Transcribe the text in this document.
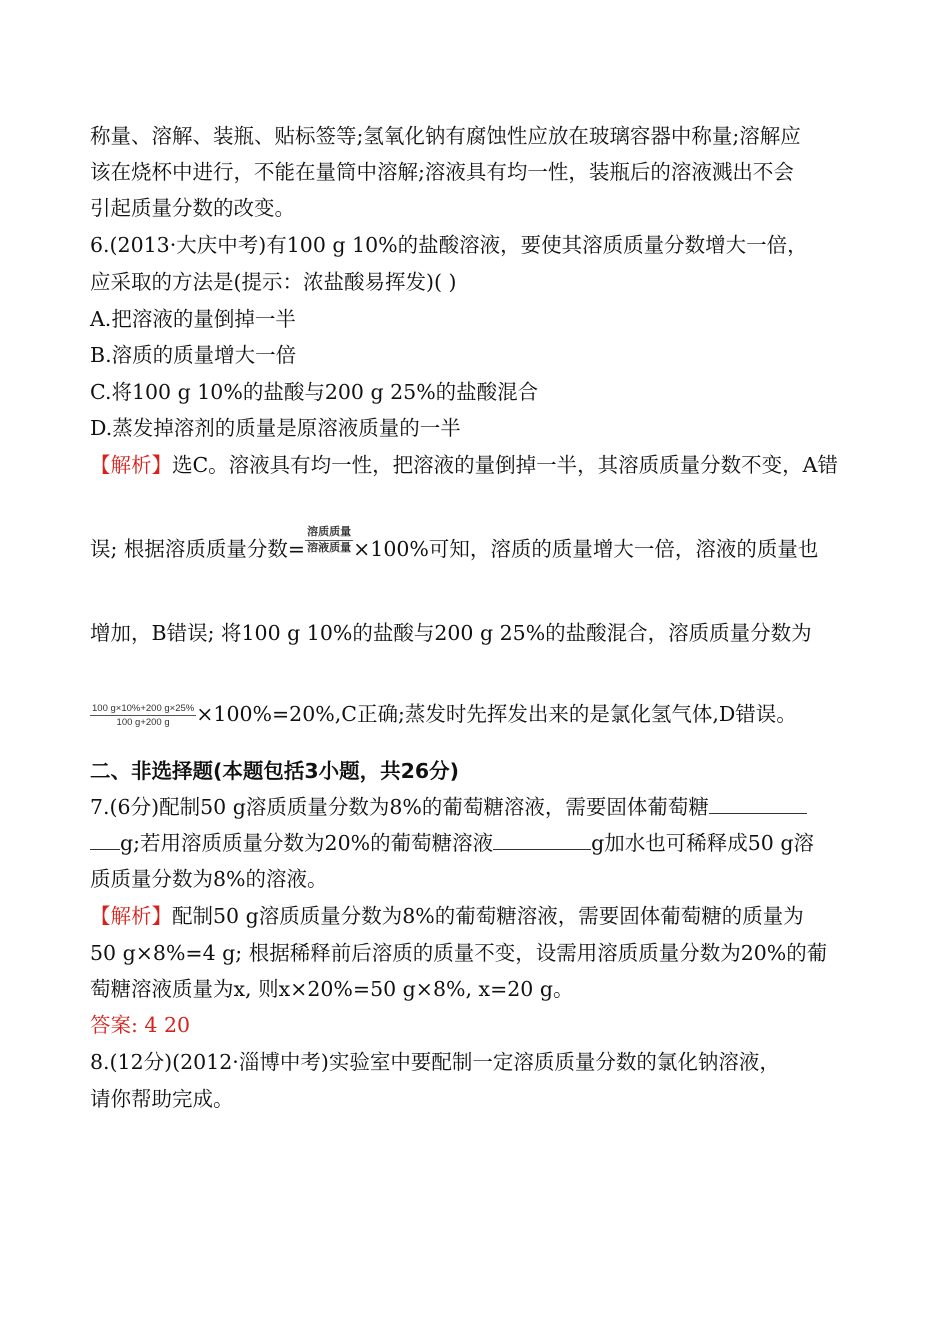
称量、溶解、装瓶、贴标签等;氢氧化钠有腐蚀性应放在玻璃容器中称量;溶解应
该在烧杯中进行，不能在量筒中溶解;溶液具有均一性，装瓶后的溶液溅出不会
引起质量分数的改变。
6.(2013·大庆中考)有100 g 10%的盐酸溶液，要使其溶质质量分数增大一倍，
应采取的方法是(提示：浓盐酸易挥发)( )
A.把溶液的量倒掉一半
B.溶质的质量增大一倍
C.将100 g 10%的盐酸与200 g 25%的盐酸混合
D.蒸发掉溶剂的质量是原溶液质量的一半
【解析】选C。溶液具有均一性，把溶液的量倒掉一半，其溶质质量分数不变，A错
误; 根据溶质质量分数= $\frac{\text{溶质质量}}{\text{溶液质量}} \times 100\%$可知，溶质的质量增大一倍，溶液的质量也
增加，B错误; 将100 g 10%的盐酸与200 g 25%的盐酸混合，溶质质量分数为
$\frac{100 g\times 10\%+200 g\times 25\%}{100 g+200 g} \times 100\%=20\%,C$正确;蒸发时先挥发出来的是氯化氢气体,D错误。
二、非选择题(本题包括3小题，共26分)
7.(6分)配制50 g溶质质量分数为8%的葡萄糖溶液，需要固体葡萄糖
g;若用溶质质量分数为20%的葡萄糖溶液	g加水也可稀释成50 g溶
质质量分数为8%的溶液。
【解析】配制50 g溶质质量分数为8%的葡萄糖溶液，需要固体葡萄糖的质量为
50 g×8%=4 g; 根据稀释前后溶质的质量不变，设需用溶质质量分数为20%的葡
萄糖溶液质量为x, 则x×20%=50 g×8%, x=20 g。
答案: 4 20
8.(12分)(2012·淄博中考)实验室中要配制一定溶质质量分数的氯化钠溶液，
请你帮助完成。
